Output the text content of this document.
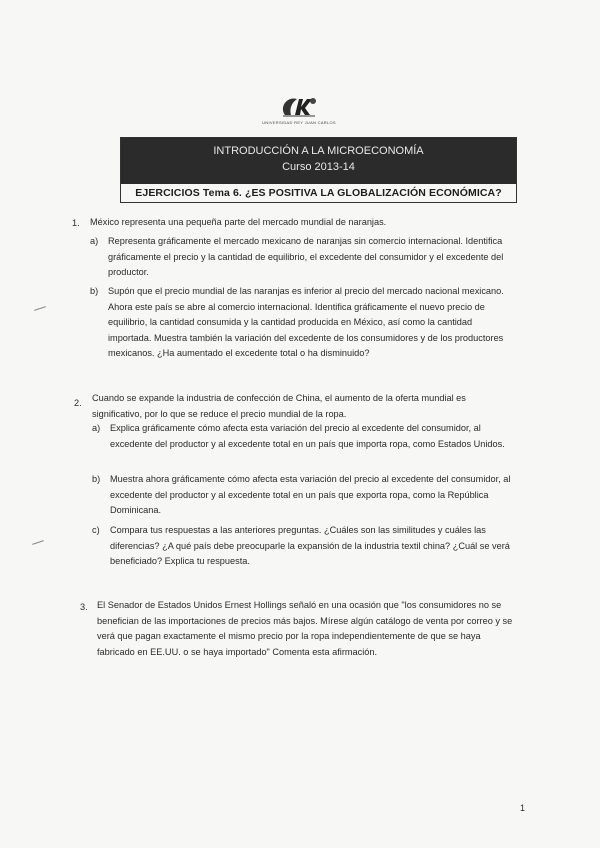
UNIVERSIDAD REY JUAN CARLOS
INTRODUCCIÓN A LA MICROECONOMÍA
Curso 2013-14
EJERCICIOS Tema 6. ¿ES POSITIVA LA GLOBALIZACIÓN ECONÓMICA?
1. México representa una pequeña parte del mercado mundial de naranjas.
a) Representa gráficamente el mercado mexicano de naranjas sin comercio internacional. Identifica gráficamente el precio y la cantidad de equilibrio, el excedente del consumidor y el excedente del productor.
b) Supón que el precio mundial de las naranjas es inferior al precio del mercado nacional mexicano. Ahora este país se abre al comercio internacional. Identifica gráficamente el nuevo precio de equilibrio, la cantidad consumida y la cantidad producida en México, así como la cantidad importada. Muestra también la variación del excedente de los consumidores y de los productores mexicanos. ¿Ha aumentado el excedente total o ha disminuido?
2. Cuando se expande la industria de confección de China, el aumento de la oferta mundial es significativo, por lo que se reduce el precio mundial de la ropa.
a) Explica gráficamente cómo afecta esta variación del precio al excedente del consumidor, al excedente del productor y al excedente total en un país que importa ropa, como Estados Unidos.
b) Muestra ahora gráficamente cómo afecta esta variación del precio al excedente del consumidor, al excedente del productor y al excedente total en un país que exporta ropa, como la República Dominicana.
c) Compara tus respuestas a las anteriores preguntas. ¿Cuáles son las similitudes y cuáles las diferencias? ¿A qué país debe preocuparle la expansión de la industria textil china? ¿Cuál se verá beneficiado? Explica tu respuesta.
3. El Senador de Estados Unidos Ernest Hollings señaló en una ocasión que "los consumidores no se benefician de las importaciones de precios más bajos. Mírese algún catálogo de venta por correo y se verá que pagan exactamente el mismo precio por la ropa independientemente de que se haya fabricado en EE.UU. o se haya importado" Comenta esta afirmación.
1
